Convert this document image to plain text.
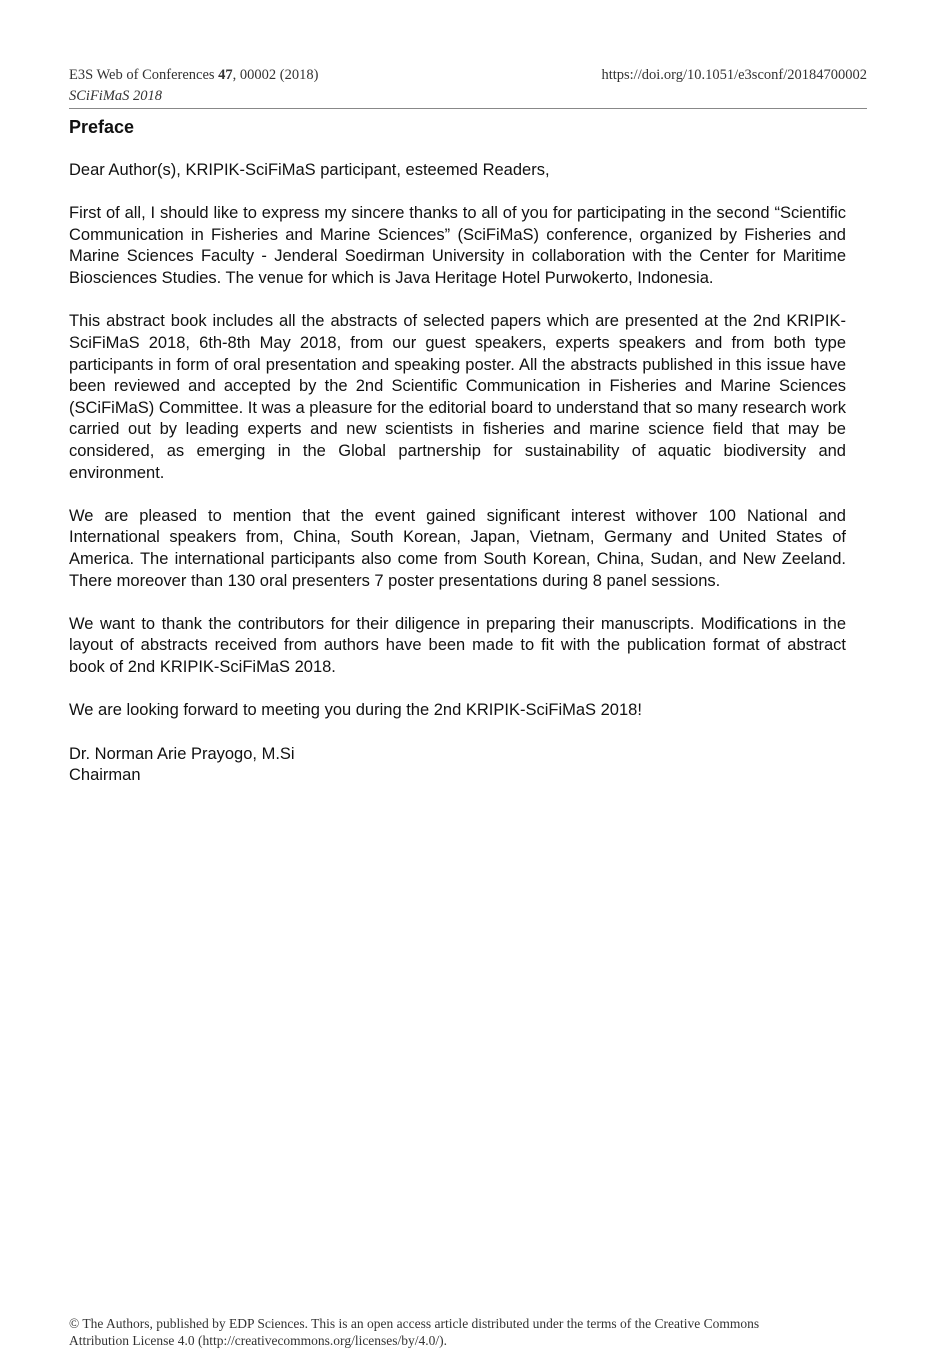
E3S Web of Conferences 47, 00002 (2018)	https://doi.org/10.1051/e3sconf/20184700002
SCiFiMaS 2018
Preface

Dear Author(s), KRIPIK-SciFiMaS participant, esteemed Readers,

First of all, I should like to express my sincere thanks to all of you for participating in the second “Scientific Communication in Fisheries and Marine Sciences” (SciFiMaS) conference, organized by Fisheries and Marine Sciences Faculty - Jenderal Soedirman University in collaboration with the Center for Maritime Biosciences Studies. The venue for which is Java Heritage Hotel Purwokerto, Indonesia.

This abstract book includes all the abstracts of selected papers which are presented at the 2nd KRIPIK-SciFiMaS 2018, 6th-8th May 2018, from our guest speakers, experts speakers and from both type participants in form of oral presentation and speaking poster. All the abstracts published in this issue have been reviewed and accepted by the 2nd Scientific Communication in Fisheries and Marine Sciences (SCiFiMaS) Committee. It was a pleasure for the editorial board to understand that so many research work carried out by leading experts and new scientists in fisheries and marine science field that may be considered, as emerging in the Global partnership for sustainability of aquatic biodiversity and environment.

We are pleased to mention that the event gained significant interest withover 100 National and International speakers from, China, South Korean, Japan, Vietnam, Germany and United States of America. The international participants also come from South Korean, China, Sudan, and New Zeeland. There moreover than 130 oral presenters 7 poster presentations during 8 panel sessions.

We want to thank the contributors for their diligence in preparing their manuscripts. Modifications in the layout of abstracts received from authors have been made to fit with the publication format of abstract book of 2nd KRIPIK-SciFiMaS 2018.

We are looking forward to meeting you during the 2nd KRIPIK-SciFiMaS 2018!

Dr. Norman Arie Prayogo, M.Si

Chairman

© The Authors, published by EDP Sciences. This is an open access article distributed under the terms of the Creative Commons
Attribution License 4.0 (http://creativecommons.org/licenses/by/4.0/).
